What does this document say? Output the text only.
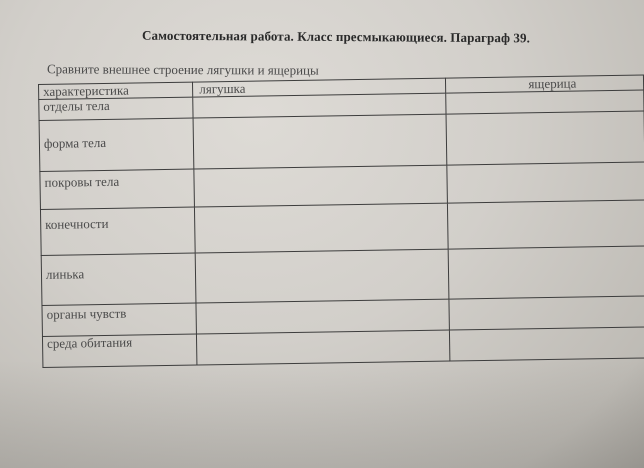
Самостоятельная работа. Класс пресмыкающиеся. Параграф 39.
Сравните внешнее строение лягушки и ящерицы
характеристика	лягушка	ящерица
отделы тела		
форма тела		
покровы тела		
конечности		
линька		
органы чувств		
среда обитания		
